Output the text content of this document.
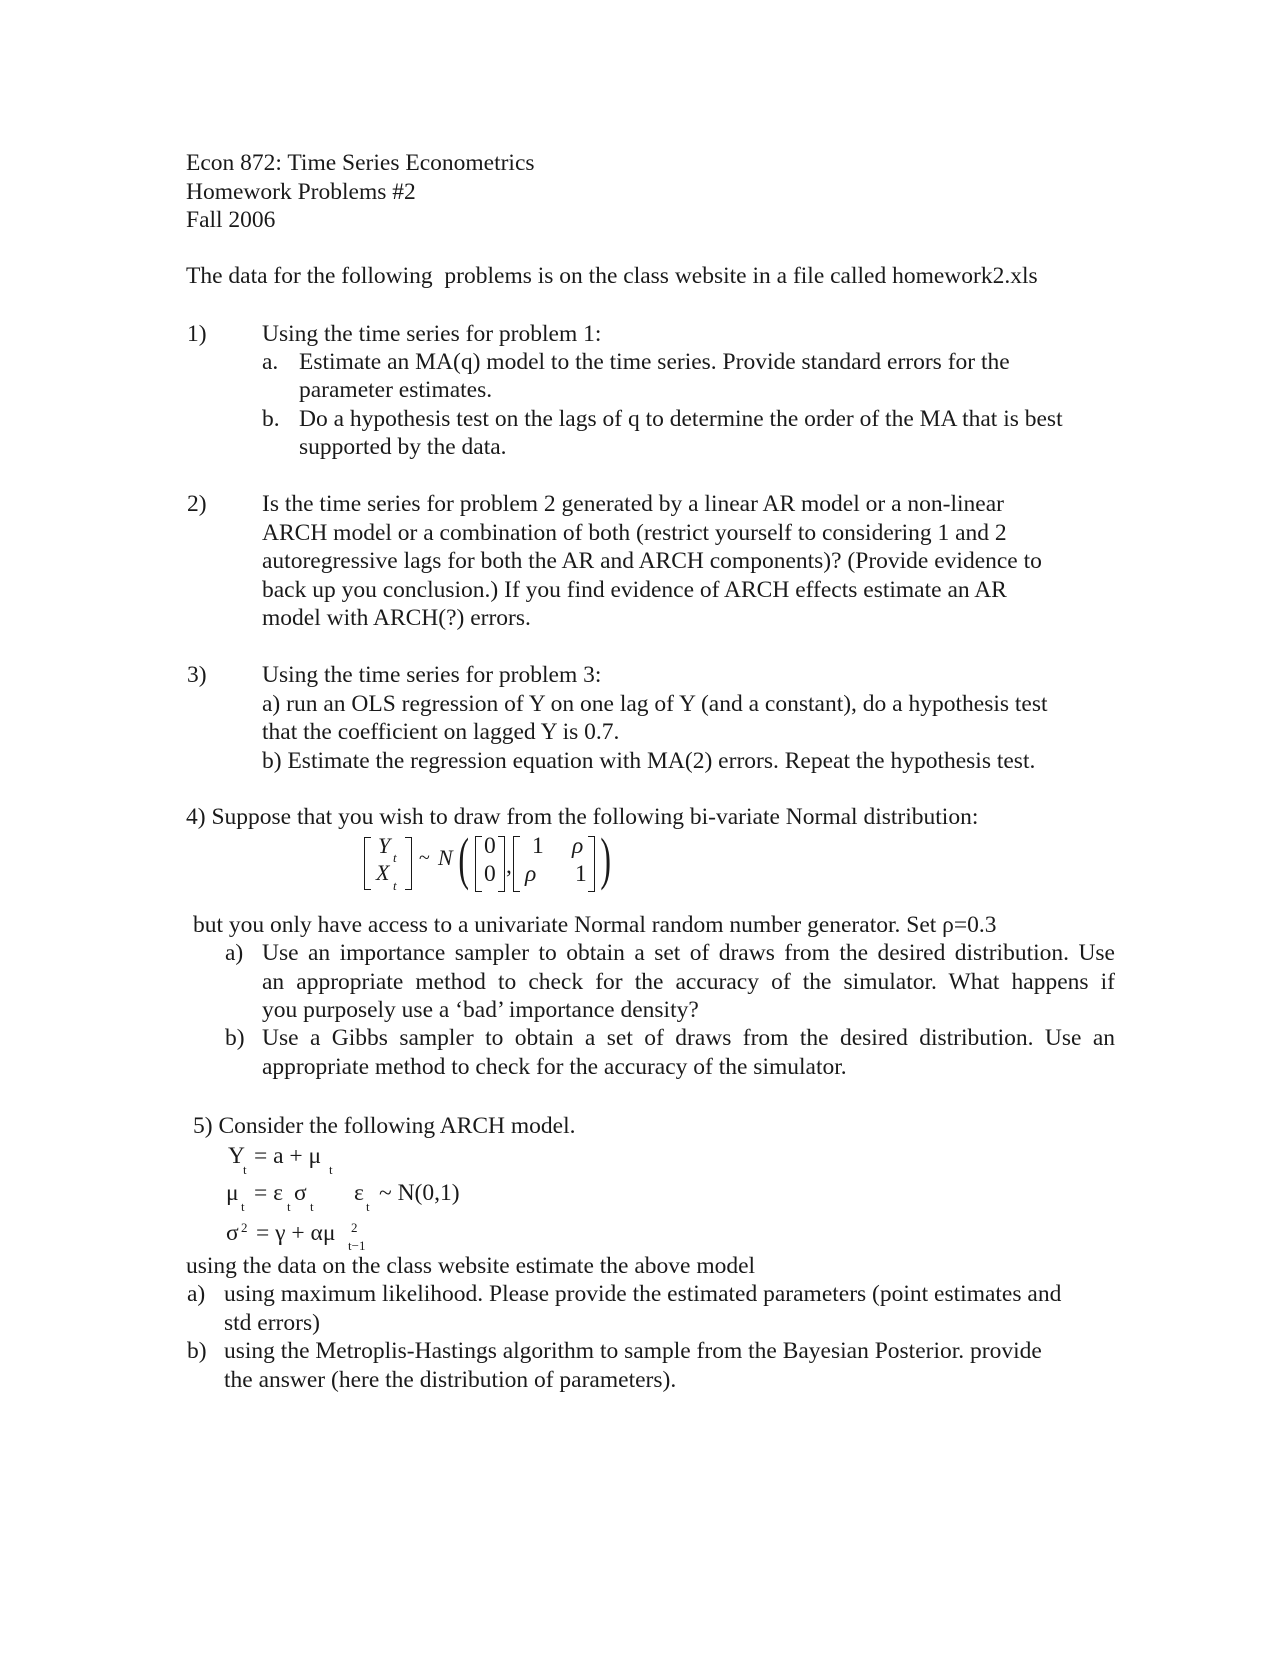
Econ 872: Time Series Econometrics
Homework Problems #2
Fall 2006
The data for the following  problems is on the class website in a file called homework2.xls
1) Using the time series for problem 1:
a. Estimate an MA(q) model to the time series. Provide standard errors for the
parameter estimates.
b. Do a hypothesis test on the lags of q to determine the order of the MA that is best
supported by the data.
2) Is the time series for problem 2 generated by a linear AR model or a non-linear
ARCH model or a combination of both (restrict yourself to considering 1 and 2
autoregressive lags for both the AR and ARCH components)? (Provide evidence to
back up you conclusion.) If you find evidence of ARCH effects estimate an AR
model with ARCH(?) errors.
3) Using the time series for problem 3:
a) run an OLS regression of Y on one lag of Y (and a constant), do a hypothesis test
that the coefficient on lagged Y is 0.7.
b) Estimate the regression equation with MA(2) errors. Repeat the hypothesis test.
4) Suppose that you wish to draw from the following bi-variate Normal distribution:
Y t
X
t
~ N ( )
0
0 ,
1 ρ
ρ 1
but you only have access to a univariate Normal random number generator. Set ρ=0.3
a) Use an importance sampler to obtain a set of draws from the desired distribution. Use
an appropriate method to check for the accuracy of the simulator. What happens if
you purposely use a ‘bad’ importance density?
b) Use a Gibbs sampler to obtain a set of draws from the desired distribution. Use an
appropriate method to check for the accuracy of the simulator.
5) Consider the following ARCH model.
Y
t
= a + μ
t
μ
t
= ε
t
σ
t
ε
t
~ N(0,1)
σ 2 = γ + αμ 2
t−1
using the data on the class website estimate the above model
a) using maximum likelihood. Please provide the estimated parameters (point estimates and
std errors)
b) using the Metroplis-Hastings algorithm to sample from the Bayesian Posterior. provide
the answer (here the distribution of parameters).
